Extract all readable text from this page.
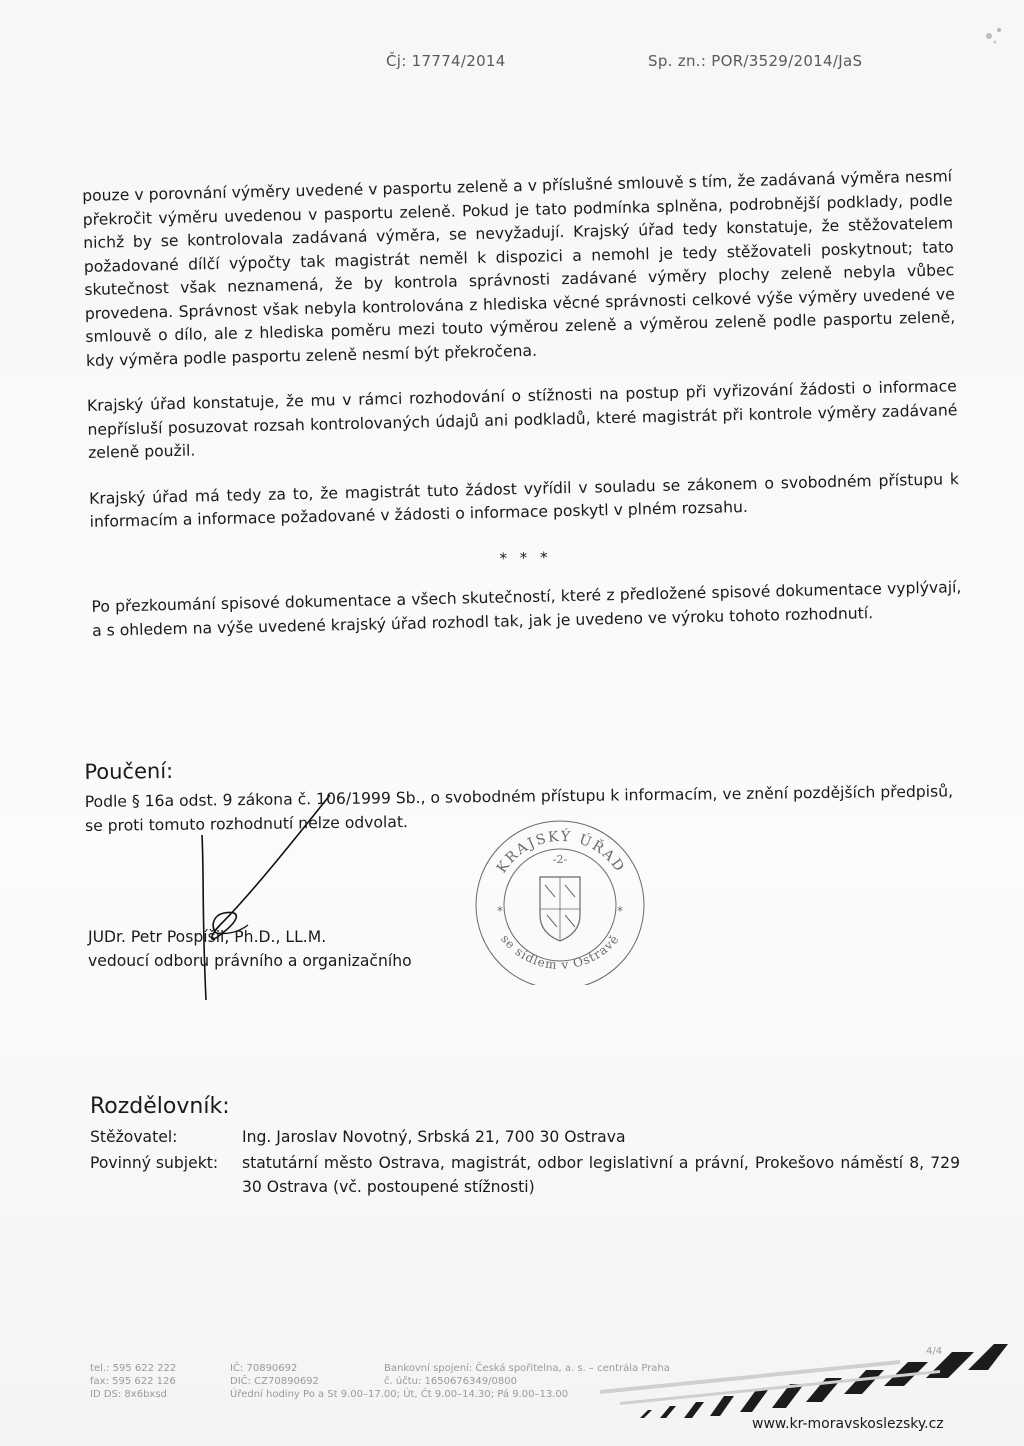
Čj: 17774/2014	Sp. zn.: POR/3529/2014/JaS

pouze v porovnání výměry uvedené v pasportu zeleně a v příslušné smlouvě s tím, že zadávaná výměra nesmí překročit výměru uvedenou v pasportu zeleně. Pokud je tato podmínka splněna, podrobnější podklady, podle nichž by se kontrolovala zadávaná výměra, se nevyžadují. Krajský úřad tedy konstatuje, že stěžovatelem požadované dílčí výpočty tak magistrát neměl k dispozici a nemohl je tedy stěžovateli poskytnout; tato skutečnost však neznamená, že by kontrola správnosti zadávané výměry plochy zeleně nebyla vůbec provedena. Správnost však nebyla kontrolována z hlediska věcné správnosti celkové výše výměry uvedené ve smlouvě o dílo, ale z hlediska poměru mezi touto výměrou zeleně a výměrou zeleně podle pasportu zeleně, kdy výměra podle pasportu zeleně nesmí být překročena.

Krajský úřad konstatuje, že mu v rámci rozhodování o stížnosti na postup při vyřizování žádosti o informace nepřísluší posuzovat rozsah kontrolovaných údajů ani podkladů, které magistrát při kontrole výměry zadávané zeleně použil.

Krajský úřad má tedy za to, že magistrát tuto žádost vyřídil v souladu se zákonem o svobodném přístupu k informacím a informace požadované v žádosti o informace poskytl v plném rozsahu.

* * *

Po přezkoumání spisové dokumentace a všech skutečností, které z předložené spisové dokumentace vyplývají, a s ohledem na výše uvedené krajský úřad rozhodl tak, jak je uvedeno ve výroku tohoto rozhodnutí.

Poučení:
Podle § 16a odst. 9 zákona č. 106/1999 Sb., o svobodném přístupu k informacím, ve znění pozdějších předpisů, se proti tomuto rozhodnutí nelze odvolat.
JUDr. Petr Pospíšil, Ph.D., LL.M.
vedoucí odboru právního a organizačního
KRAJSKÝ ÚŘAD
se sídlem v Ostravě
-2-
*	*
Rozdělovník:
Stěžovatel:	Ing. Jaroslav Novotný, Srbská 21, 700 30 Ostrava
Povinný subjekt:	statutární město Ostrava, magistrát, odbor legislativní a právní, Prokešovo náměstí 8, 729 30 Ostrava (vč. postoupené stížnosti)
4/4
tel.: 595 622 222
fax: 595 622 126
ID DS: 8x6bxsd
IČ: 70890692
DIČ: CZ70890692
Bankovní spojení: Česká spořitelna, a. s. – centrála Praha
č. účtu: 1650676349/0800
Úřední hodiny Po a St 9.00–17.00; Út, Čt 9.00–14.30; Pá 9.00–13.00
www.kr-moravskoslezsky.cz
